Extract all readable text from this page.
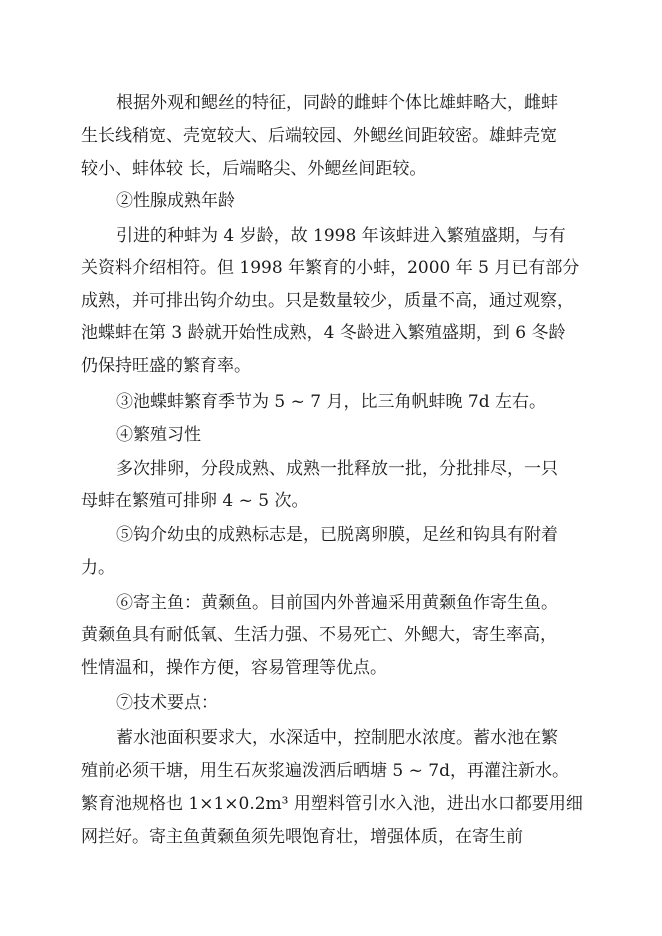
根据外观和鳃丝的特征，同龄的雌蚌个体比雄蚌略大，雌蚌
生长线稍宽、壳宽较大、后端较园、外鳃丝间距较密。雄蚌壳宽
较小、蚌体较 长，后端略尖、外鳃丝间距较。
②性腺成熟年龄
引进的种蚌为 4 岁龄，故 1998 年该蚌进入繁殖盛期，与有
关资料介绍相符。但 1998 年繁育的小蚌，2000 年 5 月已有部分
成熟，并可排出钩介幼虫。只是数量较少，质量不高，通过观察，
池蝶蚌在第 3 龄就开始性成熟，4 冬龄进入繁殖盛期，到 6 冬龄
仍保持旺盛的繁育率。
③池蝶蚌繁育季节为 5 ~ 7 月，比三角帆蚌晚 7d 左右。
④繁殖习性
多次排卵，分段成熟、成熟一批释放一批，分批排尽，一只
母蚌在繁殖可排卵 4 ~ 5 次。
⑤钩介幼虫的成熟标志是，已脱离卵膜，足丝和钩具有附着
力。
⑥寄主鱼：黄颡鱼。目前国内外普遍采用黄颡鱼作寄生鱼。
黄颡鱼具有耐低氧、生活力强、不易死亡、外鳃大，寄生率高，
性情温和，操作方便，容易管理等优点。
⑦技术要点：
蓄水池面积要求大，水深适中，控制肥水浓度。蓄水池在繁
殖前必须干塘，用生石灰浆遍泼洒后晒塘 5 ~ 7d，再灌注新水。
繁育池规格也 1×1×0.2m³ 用塑料管引水入池，进出水口都要用细
网拦好。寄主鱼黄颡鱼须先喂饱育壮，增强体质，在寄生前
